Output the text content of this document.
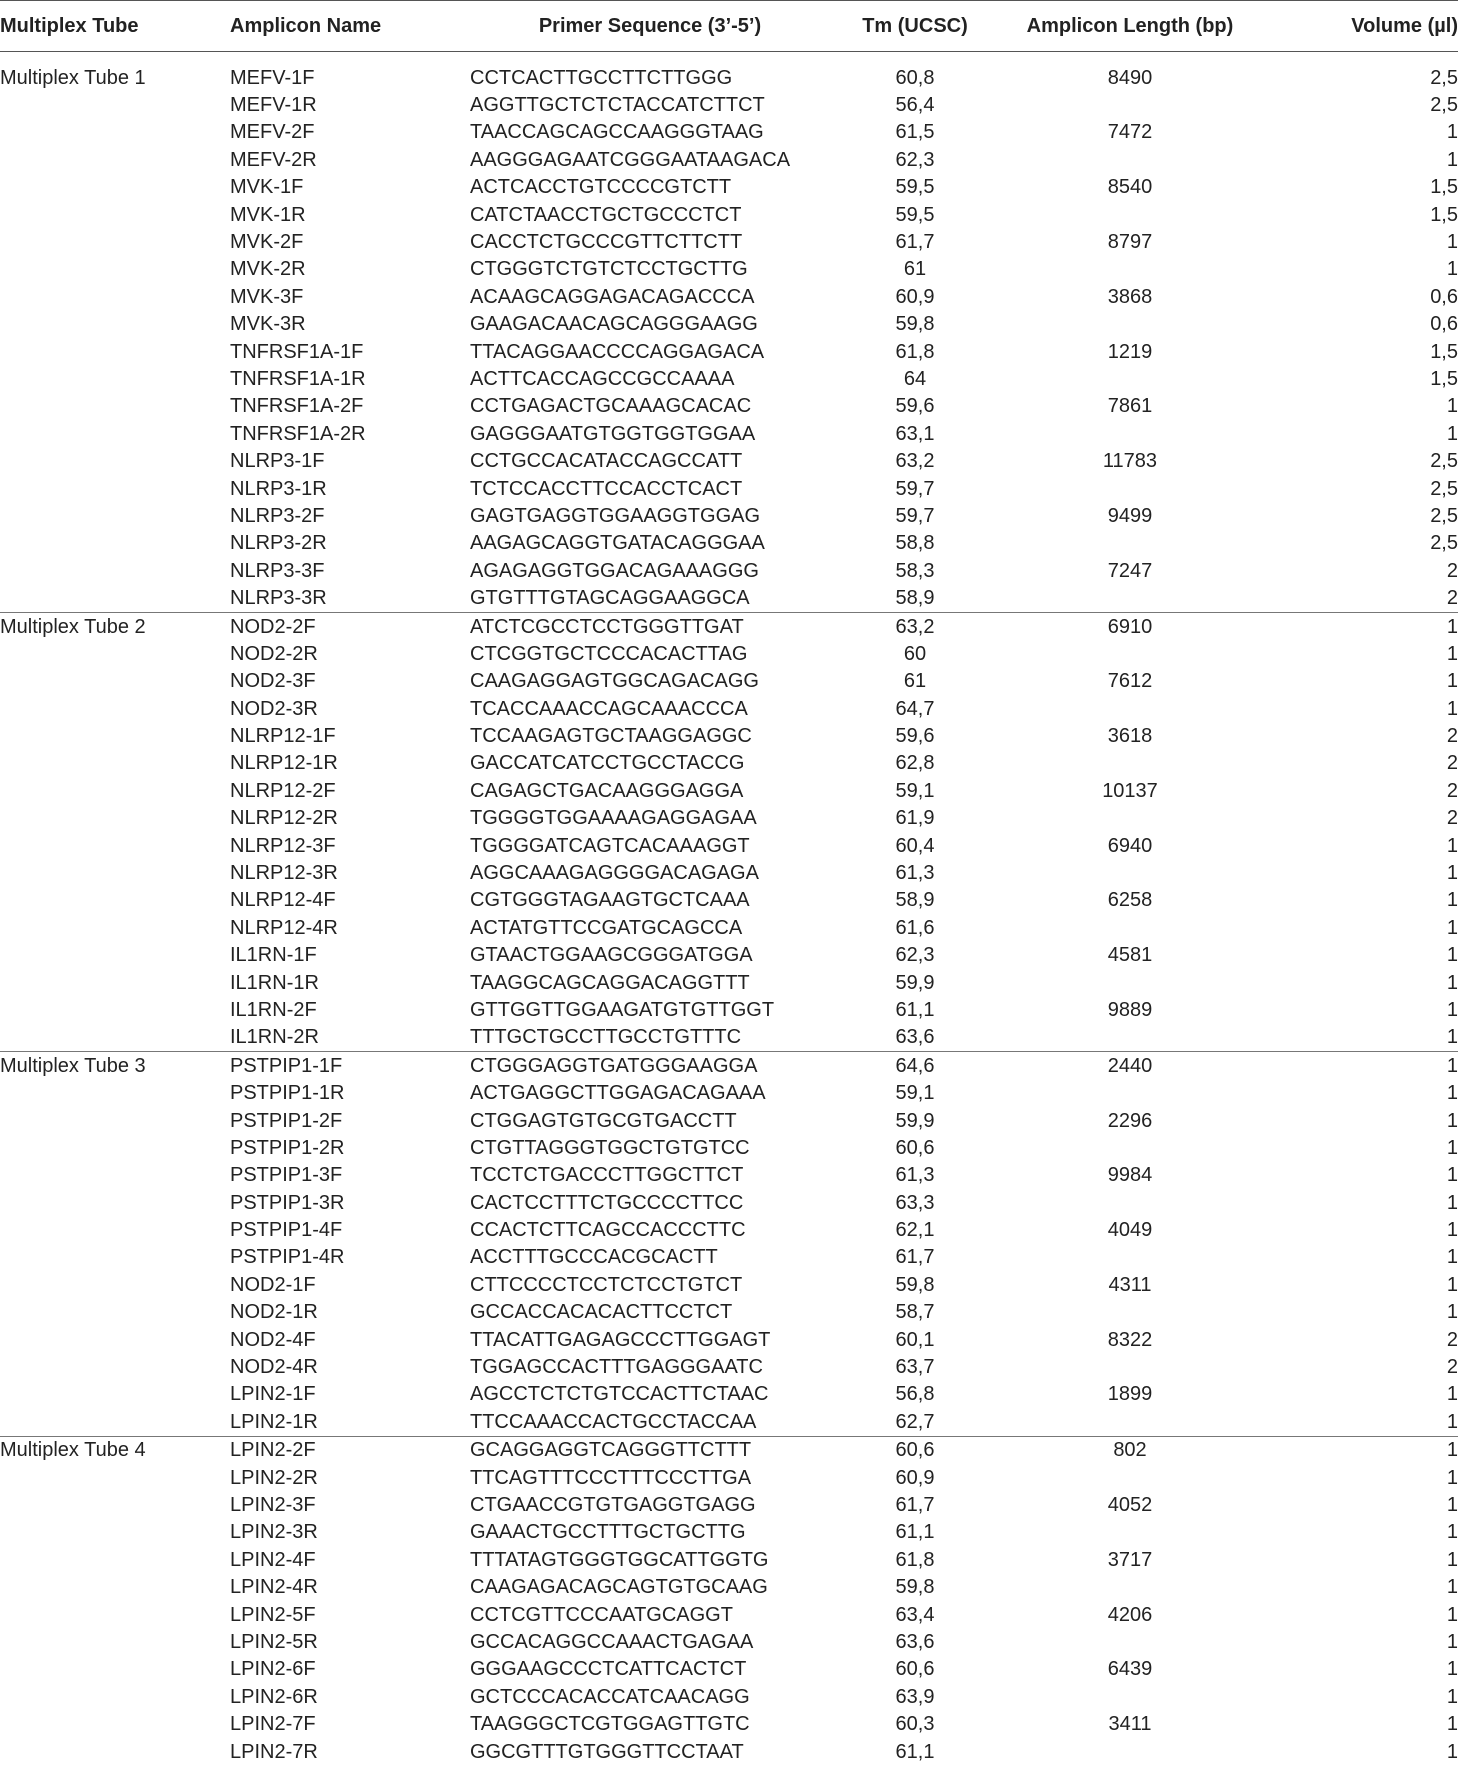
Multiplex Tube	Amplicon Name	Primer Sequence (3’-5’)	Tm (UCSC)	Amplicon Length (bp)	Volume (µl)
Multiplex Tube 1	MEFV-1F	CCTCACTTGCCTTCTTGGG	60,8	8490	2,5
	MEFV-1R	AGGTTGCTCTCTACCATCTTCT	56,4		2,5
	MEFV-2F	TAACCAGCAGCCAAGGGTAAG	61,5	7472	1
	MEFV-2R	AAGGGAGAATCGGGAATAAGACA	62,3		1
	MVK-1F	ACTCACCTGTCCCCGTCTT	59,5	8540	1,5
	MVK-1R	CATCTAACCTGCTGCCCTCT	59,5		1,5
	MVK-2F	CACCTCTGCCCGTTCTTCTT	61,7	8797	1
	MVK-2R	CTGGGTCTGTCTCCTGCTTG	61		1
	MVK-3F	ACAAGCAGGAGACAGACCCA	60,9	3868	0,6
	MVK-3R	GAAGACAACAGCAGGGAAGG	59,8		0,6
	TNFRSF1A-1F	TTACAGGAACCCCAGGAGACA	61,8	1219	1,5
	TNFRSF1A-1R	ACTTCACCAGCCGCCAAAA	64		1,5
	TNFRSF1A-2F	CCTGAGACTGCAAAGCACAC	59,6	7861	1
	TNFRSF1A-2R	GAGGGAATGTGGTGGTGGAA	63,1		1
	NLRP3-1F	CCTGCCACATACCAGCCATT	63,2	11783	2,5
	NLRP3-1R	TCTCCACCTTCCACCTCACT	59,7		2,5
	NLRP3-2F	GAGTGAGGTGGAAGGTGGAG	59,7	9499	2,5
	NLRP3-2R	AAGAGCAGGTGATACAGGGAA	58,8		2,5
	NLRP3-3F	AGAGAGGTGGACAGAAAGGG	58,3	7247	2
	NLRP3-3R	GTGTTTGTAGCAGGAAGGCA	58,9		2
Multiplex Tube 2	NOD2-2F	ATCTCGCCTCCTGGGTTGAT	63,2	6910	1
	NOD2-2R	CTCGGTGCTCCCACACTTAG	60		1
	NOD2-3F	CAAGAGGAGTGGCAGACAGG	61	7612	1
	NOD2-3R	TCACCAAACCAGCAAACCCA	64,7		1
	NLRP12-1F	TCCAAGAGTGCTAAGGAGGC	59,6	3618	2
	NLRP12-1R	GACCATCATCCTGCCTACCG	62,8		2
	NLRP12-2F	CAGAGCTGACAAGGGAGGA	59,1	10137	2
	NLRP12-2R	TGGGGTGGAAAAGAGGAGAA	61,9		2
	NLRP12-3F	TGGGGATCAGTCACAAAGGT	60,4	6940	1
	NLRP12-3R	AGGCAAAGAGGGGACAGAGA	61,3		1
	NLRP12-4F	CGTGGGTAGAAGTGCTCAAA	58,9	6258	1
	NLRP12-4R	ACTATGTTCCGATGCAGCCA	61,6		1
	IL1RN-1F	GTAACTGGAAGCGGGATGGA	62,3	4581	1
	IL1RN-1R	TAAGGCAGCAGGACAGGTTT	59,9		1
	IL1RN-2F	GTTGGTTGGAAGATGTGTTGGT	61,1	9889	1
	IL1RN-2R	TTTGCTGCCTTGCCTGTTTC	63,6		1
Multiplex Tube 3	PSTPIP1-1F	CTGGGAGGTGATGGGAAGGA	64,6	2440	1
	PSTPIP1-1R	ACTGAGGCTTGGAGACAGAAA	59,1		1
	PSTPIP1-2F	CTGGAGTGTGCGTGACCTT	59,9	2296	1
	PSTPIP1-2R	CTGTTAGGGTGGCTGTGTCC	60,6		1
	PSTPIP1-3F	TCCTCTGACCCTTGGCTTCT	61,3	9984	1
	PSTPIP1-3R	CACTCCTTTCTGCCCCTTCC	63,3		1
	PSTPIP1-4F	CCACTCTTCAGCCACCCTTC	62,1	4049	1
	PSTPIP1-4R	ACCTTTGCCCACGCACTT	61,7		1
	NOD2-1F	CTTCCCCTCCTCTCCTGTCT	59,8	4311	1
	NOD2-1R	GCCACCACACACTTCCTCT	58,7		1
	NOD2-4F	TTACATTGAGAGCCCTTGGAGT	60,1	8322	2
	NOD2-4R	TGGAGCCACTTTGAGGGAATC	63,7		2
	LPIN2-1F	AGCCTCTCTGTCCACTTCTAAC	56,8	1899	1
	LPIN2-1R	TTCCAAACCACTGCCTACCAA	62,7		1
Multiplex Tube 4	LPIN2-2F	GCAGGAGGTCAGGGTTCTTT	60,6	802	1
	LPIN2-2R	TTCAGTTTCCCTTTCCCTTGA	60,9		1
	LPIN2-3F	CTGAACCGTGTGAGGTGAGG	61,7	4052	1
	LPIN2-3R	GAAACTGCCTTTGCTGCTTG	61,1		1
	LPIN2-4F	TTTATAGTGGGTGGCATTGGTG	61,8	3717	1
	LPIN2-4R	CAAGAGACAGCAGTGTGCAAG	59,8		1
	LPIN2-5F	CCTCGTTCCCAATGCAGGT	63,4	4206	1
	LPIN2-5R	GCCACAGGCCAAACTGAGAA	63,6		1
	LPIN2-6F	GGGAAGCCCTCATTCACTCT	60,6	6439	1
	LPIN2-6R	GCTCCCACACCATCAACAGG	63,9		1
	LPIN2-7F	TAAGGGCTCGTGGAGTTGTC	60,3	3411	1
	LPIN2-7R	GGCGTTTGTGGGTTCCTAAT	61,1		1
